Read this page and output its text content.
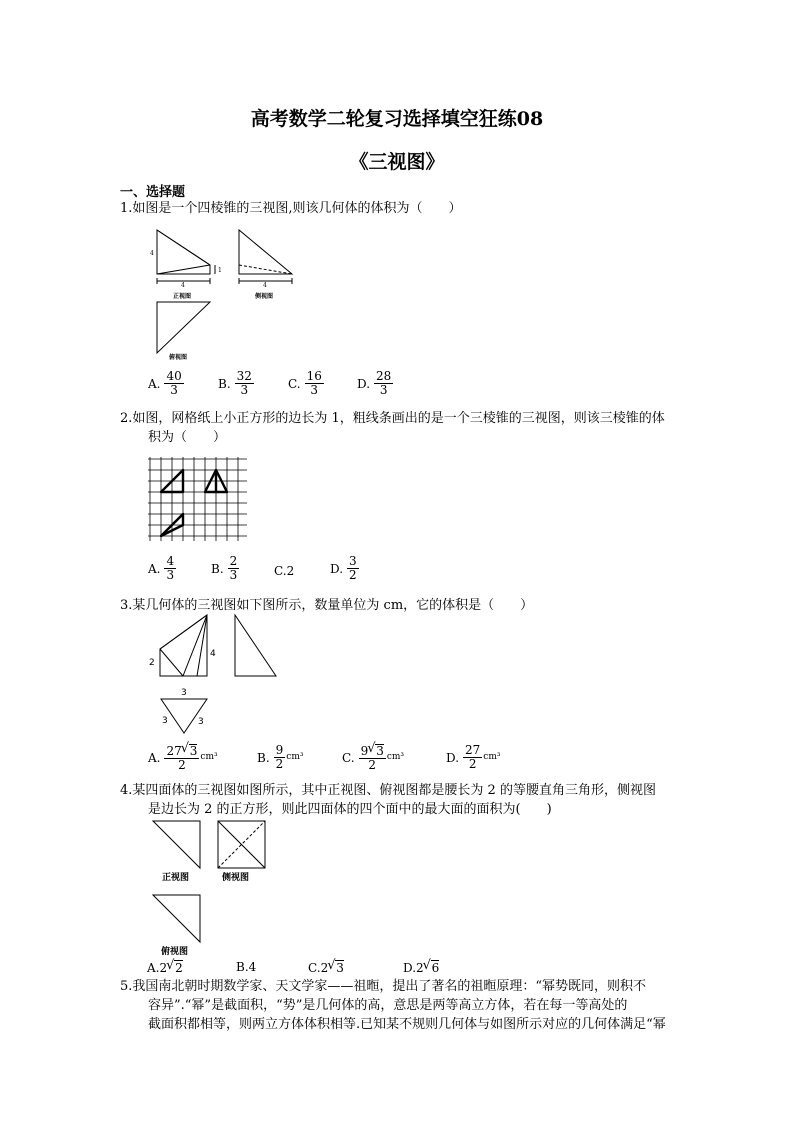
高考数学二轮复习选择填空狂练08
《三视图》
一、选择题
1.如图是一个四棱锥的三视图,则该几何体的体积为（　　）
4
4
1
4
正视图	侧视图
俯视图
A. $\frac{40}{3}$	B. $\frac{32}{3}$	C. $\frac{16}{3}$	D. $\frac{28}{3}$
2.如图，网格纸上小正方形的边长为 1，粗线条画出的是一个三棱锥的三视图，则该三棱锥的体
积为（　　）
A. $\frac{4}{3}$	B. $\frac{2}{3}$	C. 2	D. $\frac{3}{2}$
3.某几何体的三视图如下图所示，数量单位为 cm，它的体积是（　　）
2
4
3
3	3
A. $\frac{27 √ 3}{2} cm^3$	B. $\frac{9}{2} cm^3$	C. $\frac{9 √ 3}{2} cm^3$	D. $\frac{27}{2} cm^3$
4.某四面体的三视图如图所示，其中正视图、俯视图都是腰长为 2 的等腰直角三角形，侧视图
是边长为 2 的正方形，则此四面体的四个面中的最大面的面积为(　　)
正视图	侧视图
俯视图
A. 2 √ 2	B. 4	C. 2 √ 3	D. 2 √ 6
5.我国南北朝时期数学家、天文学家——祖暅，提出了著名的祖暅原理：“幂势既同，则积不
容异”.“幂”是截面积，“势”是几何体的高，意思是两等高立方体，若在每一等高处的
截面积都相等，则两立方体体积相等.已知某不规则几何体与如图所示对应的几何体满足“幂
